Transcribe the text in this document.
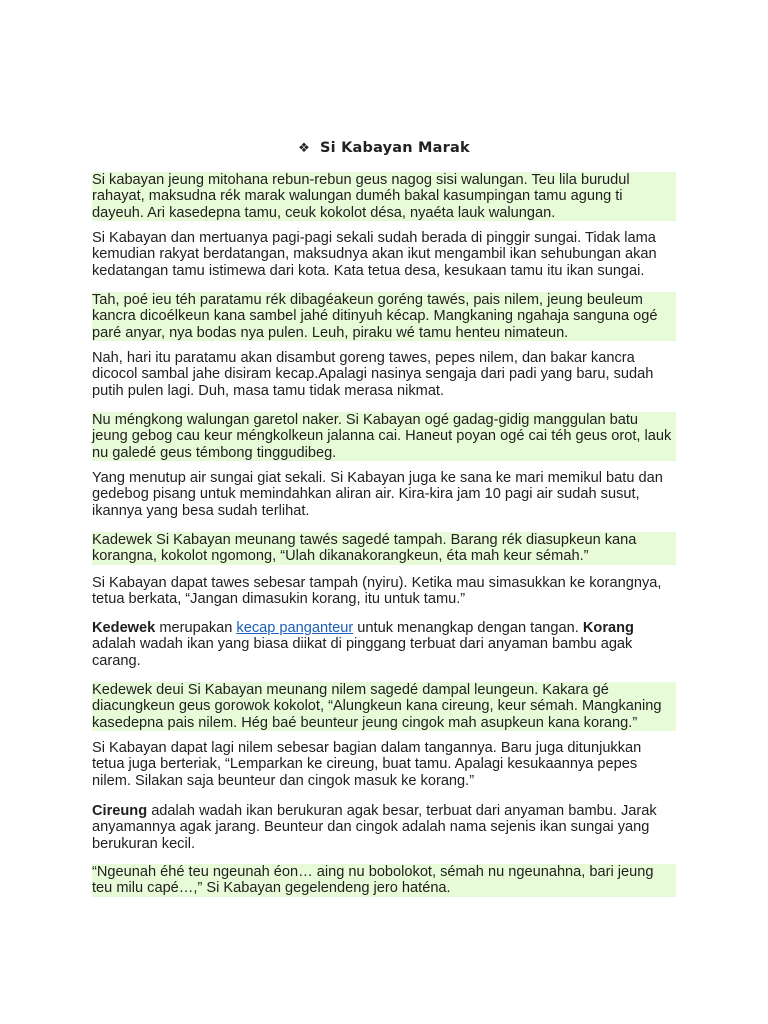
❖ Si Kabayan Marak

Si kabayan jeung mitohana rebun-rebun geus nagog sisi walungan. Teu lila burudul rahayat, maksudna rék marak walungan duméh bakal kasumpingan tamu agung ti dayeuh. Ari kasedepna tamu, ceuk kokolot désa, nyaéta lauk walungan.

Si Kabayan dan mertuanya pagi-pagi sekali sudah berada di pinggir sungai. Tidak lama kemudian rakyat berdatangan, maksudnya akan ikut mengambil ikan sehubungan akan kedatangan tamu istimewa dari kota. Kata tetua desa, kesukaan tamu itu ikan sungai.

Tah, poé ieu téh paratamu rék dibagéakeun goréng tawés, pais nilem, jeung beuleum kancra dicoélkeun kana sambel jahé ditinyuh kécap. Mangkaning ngahaja sanguna ogé paré anyar, nya bodas nya pulen. Leuh, piraku wé tamu henteu nimateun.

Nah, hari itu paratamu akan disambut goreng tawes, pepes nilem, dan bakar kancra dicocol sambal jahe disiram kecap.Apalagi nasinya sengaja dari padi yang baru, sudah putih pulen lagi. Duh, masa tamu tidak merasa nikmat.

Nu méngkong walungan garetol naker. Si Kabayan ogé gadag-gidig manggulan batu jeung gebog cau keur méngkolkeun jalanna cai. Haneut poyan ogé cai téh geus orot, lauk nu galedé geus témbong tinggudibeg.

Yang menutup air sungai giat sekali. Si Kabayan juga ke sana ke mari memikul batu dan gedebog pisang untuk memindahkan aliran air. Kira-kira jam 10 pagi air sudah susut, ikannya yang besa sudah terlihat.

Kadewek Si Kabayan meunang tawés sagedé tampah. Barang rék diasupkeun kana korangna, kokolot ngomong, “Ulah dikanakorangkeun, éta mah keur sémah.”

Si Kabayan dapat tawes sebesar tampah (nyiru). Ketika mau simasukkan ke korangnya, tetua berkata, “Jangan dimasukin korang, itu untuk tamu.”

Kedewek merupakan kecap panganteur untuk menangkap dengan tangan. Korang adalah wadah ikan yang biasa diikat di pinggang terbuat dari anyaman bambu agak carang.

Kedewek deui Si Kabayan meunang nilem sagedé dampal leungeun. Kakara gé diacungkeun geus gorowok kokolot, “Alungkeun kana cireung, keur sémah. Mangkaning kasedepna pais nilem. Hég baé beunteur jeung cingok mah asupkeun kana korang.”

Si Kabayan dapat lagi nilem sebesar bagian dalam tangannya. Baru juga ditunjukkan tetua juga berteriak, “Lemparkan ke cireung, buat tamu. Apalagi kesukaannya pepes nilem. Silakan saja beunteur dan cingok masuk ke korang.”

Cireung adalah wadah ikan berukuran agak besar, terbuat dari anyaman bambu. Jarak anyamannya agak jarang. Beunteur dan cingok adalah nama sejenis ikan sungai yang berukuran kecil.

“Ngeunah éhé teu ngeunah éon… aing nu bobolokot, sémah nu ngeunahna, bari jeung teu milu capé…,” Si Kabayan gegelendeng jero haténa.
